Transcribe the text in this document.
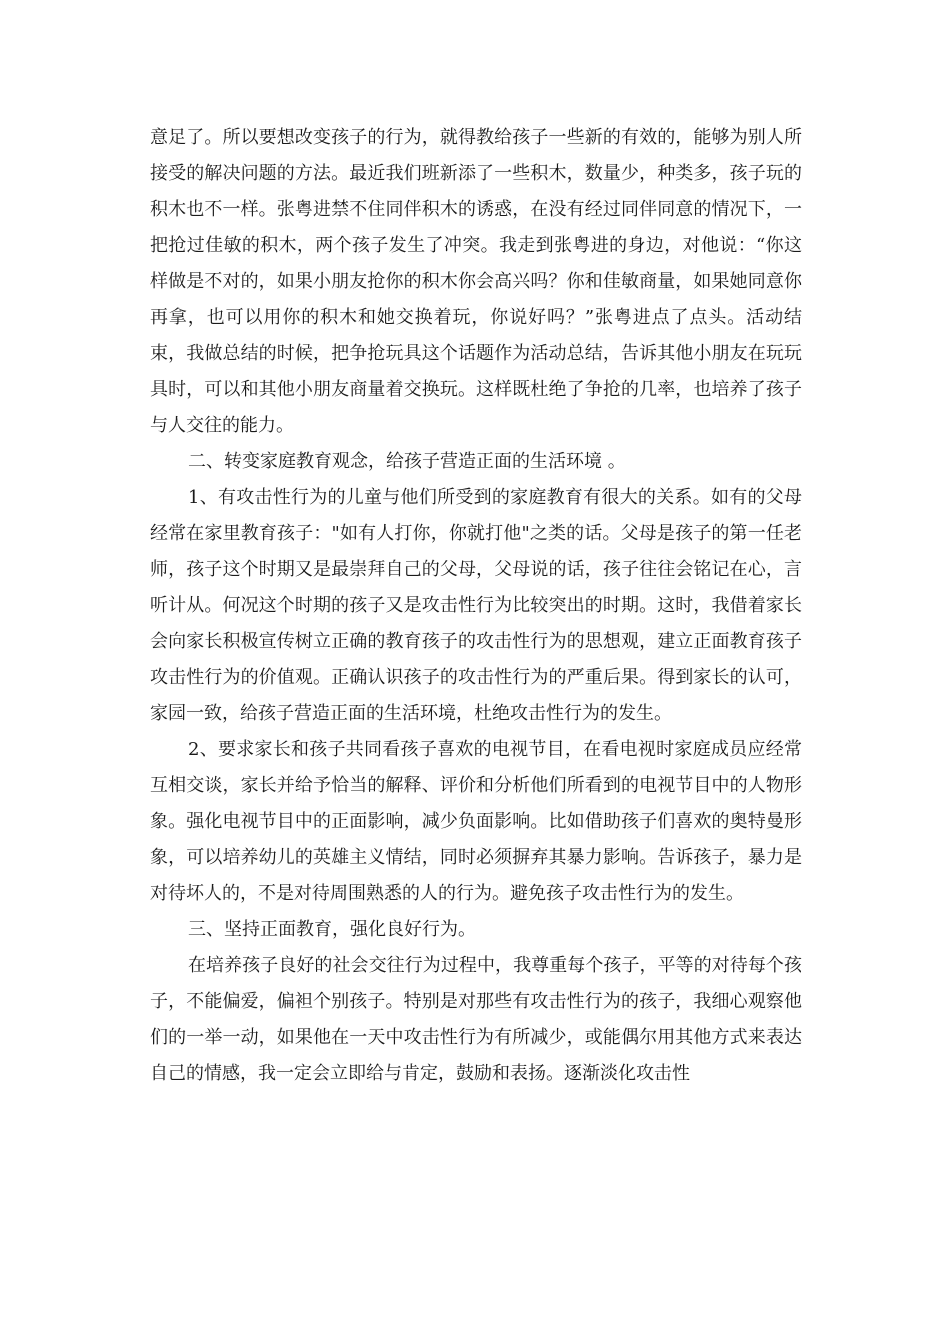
意足了。所以要想改变孩子的行为，就得教给孩子一些新的有效的，能够为别人所接受的解决问题的方法。最近我们班新添了一些积木，数量少，种类多，孩子玩的积木也不一样。张粤进禁不住同伴积木的诱惑，在没有经过同伴同意的情况下，一把抢过佳敏的积木，两个孩子发生了冲突。我走到张粤进的身边，对他说：“你这样做是不对的，如果小朋友抢你的积木你会高兴吗？你和佳敏商量，如果她同意你再拿，也可以用你的积木和她交换着玩，你说好吗？”张粤进点了点头。活动结束，我做总结的时候，把争抢玩具这个话题作为活动总结，告诉其他小朋友在玩玩具时，可以和其他小朋友商量着交换玩。这样既杜绝了争抢的几率，也培养了孩子与人交往的能力。

二、转变家庭教育观念，给孩子营造正面的生活环境 。

1、有攻击性行为的儿童与他们所受到的家庭教育有很大的关系。如有的父母经常在家里教育孩子："如有人打你，你就打他"之类的话。父母是孩子的第一任老师，孩子这个时期又是最崇拜自己的父母，父母说的话，孩子往往会铭记在心，言听计从。何况这个时期的孩子又是攻击性行为比较突出的时期。这时，我借着家长会向家长积极宣传树立正确的教育孩子的攻击性行为的思想观，建立正面教育孩子攻击性行为的价值观。正确认识孩子的攻击性行为的严重后果。得到家长的认可，家园一致，给孩子营造正面的生活环境，杜绝攻击性行为的发生。

2、要求家长和孩子共同看孩子喜欢的电视节目，在看电视时家庭成员应经常互相交谈，家长并给予恰当的解释、评价和分析他们所看到的电视节目中的人物形象。强化电视节目中的正面影响，减少负面影响。比如借助孩子们喜欢的奥特曼形象，可以培养幼儿的英雄主义情结，同时必须摒弃其暴力影响。告诉孩子，暴力是对待坏人的，不是对待周围熟悉的人的行为。避免孩子攻击性行为的发生。

三、坚持正面教育，强化良好行为。

在培养孩子良好的社会交往行为过程中，我尊重每个孩子，平等的对待每个孩子，不能偏爱，偏袒个别孩子。特别是对那些有攻击性行为的孩子，我细心观察他们的一举一动，如果他在一天中攻击性行为有所减少，或能偶尔用其他方式来表达自己的情感，我一定会立即给与肯定，鼓励和表扬。逐渐淡化攻击性
